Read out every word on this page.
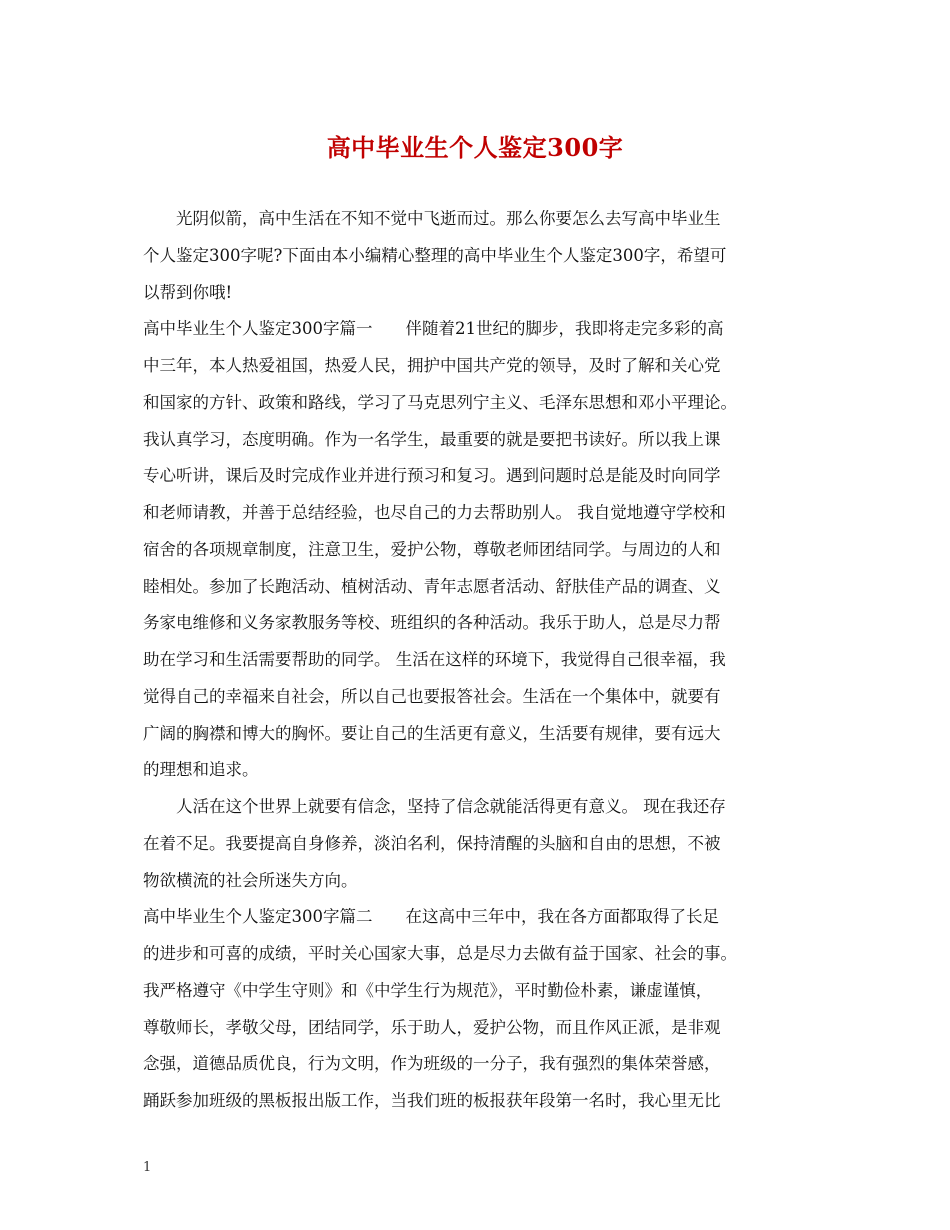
高中毕业生个人鉴定300字
光阴似箭，高中生活在不知不觉中飞逝而过。那么你要怎么去写高中毕业生
个人鉴定300字呢?下面由本小编精心整理的高中毕业生个人鉴定300字，希望可
以帮到你哦!
高中毕业生个人鉴定300字篇一　　伴随着21世纪的脚步，我即将走完多彩的高
中三年，本人热爱祖国，热爱人民，拥护中国共产党的领导，及时了解和关心党
和国家的方针、政策和路线，学习了马克思列宁主义、毛泽东思想和邓小平理论。
我认真学习，态度明确。作为一名学生，最重要的就是要把书读好。所以我上课
专心听讲，课后及时完成作业并进行预习和复习。遇到问题时总是能及时向同学
和老师请教，并善于总结经验，也尽自己的力去帮助别人。 我自觉地遵守学校和
宿舍的各项规章制度，注意卫生，爱护公物，尊敬老师团结同学。与周边的人和
睦相处。参加了长跑活动、植树活动、青年志愿者活动、舒肤佳产品的调查、义
务家电维修和义务家教服务等校、班组织的各种活动。我乐于助人，总是尽力帮
助在学习和生活需要帮助的同学。 生活在这样的环境下，我觉得自己很幸福，我
觉得自己的幸福来自社会，所以自己也要报答社会。生活在一个集体中，就要有
广阔的胸襟和博大的胸怀。要让自己的生活更有意义，生活要有规律，要有远大
的理想和追求。
人活在这个世界上就要有信念，坚持了信念就能活得更有意义。 现在我还存
在着不足。我要提高自身修养，淡泊名利，保持清醒的头脑和自由的思想，不被
物欲横流的社会所迷失方向。
高中毕业生个人鉴定300字篇二　　在这高中三年中，我在各方面都取得了长足
的进步和可喜的成绩，平时关心国家大事，总是尽力去做有益于国家、社会的事。
我严格遵守《中学生守则》和《中学生行为规范》，平时勤俭朴素，谦虚谨慎，
尊敬师长，孝敬父母，团结同学，乐于助人，爱护公物，而且作风正派，是非观
念强，道德品质优良，行为文明，作为班级的一分子，我有强烈的集体荣誉感，
踊跃参加班级的黑板报出版工作，当我们班的板报获年段第一名时，我心里无比
1
